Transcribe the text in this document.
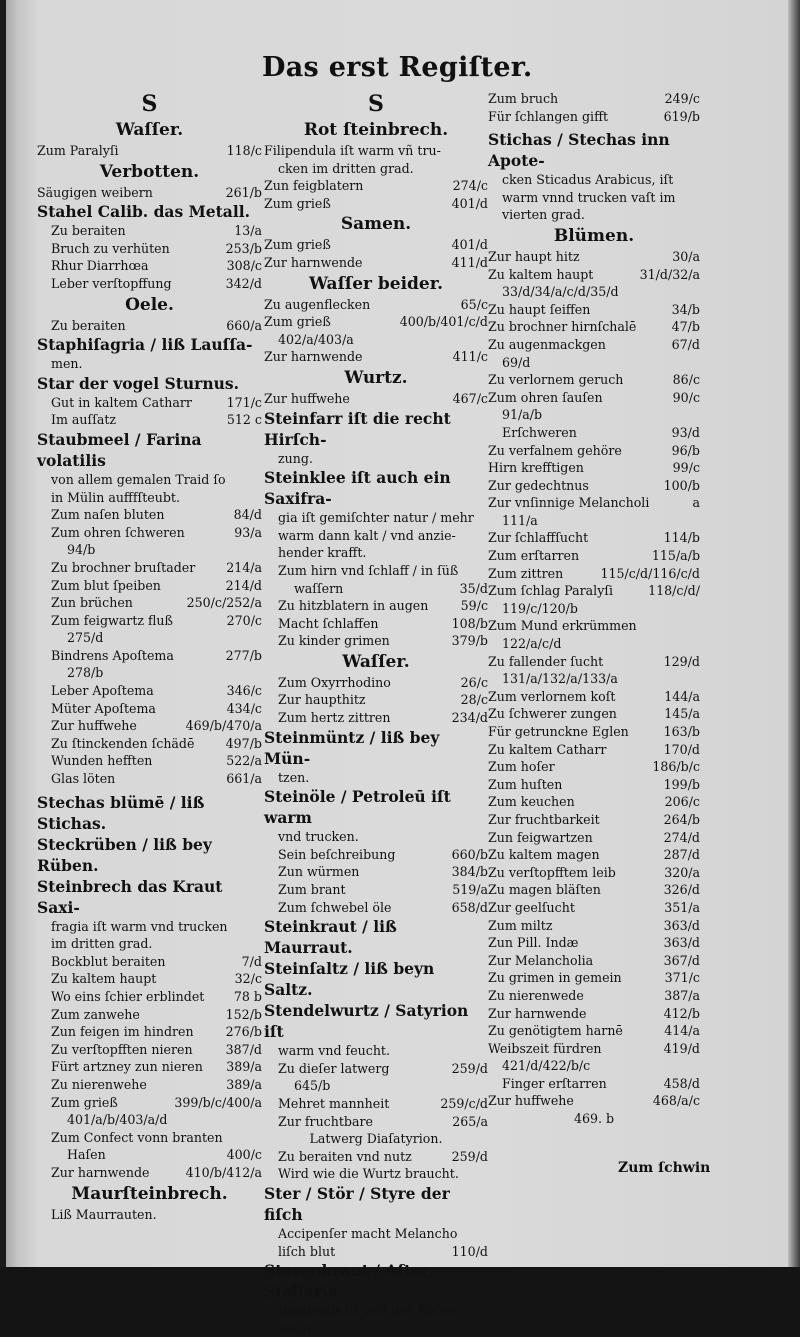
Das erst Regiſter.
S
Waſſer.
Zum Paralyſi	118/c
Verbotten.
Säugigen weibern	261/b
Stahel Calib. das Metall.
Zu beraiten	13/a
Bruch zu verhüten	253/b
Rhur Diarrhœa	308/c
Leber verſtopffung	342/d
Oele.
Zu beraiten	660/a
Staphiſagria / liß Lauſſa-
men.
Star der vogel Sturnus.
Gut in kaltem Catharr	171/c
Im auſſatz	512 c
Staubmeel / Farina volatilis
von allem gemalen Traid ſo
in Mülin aufffſteubt.
Zum naſen bluten	84/d
Zum ohren ſchweren	93/a
94/b
Zu brochner bruſtader 214/a
Zum blut ſpeiben	214/d
Zun brüchen	250/c/252/a
Zum feigwartz fluß	270/c
275/d
Bindrens Apoſtema	277/b
278/b
Leber Apoſtema	346/c
Müter Apoſtema	434/c
Zur huffwehe	469/b/470/a
Zu ſtinckenden ſchädē 497/b
Wunden hefften	522/a
Glas löten	661/a
Stechas blümē / liß Stichas.
Steckrüben / liß bey Rüben.
Steinbrech das Kraut Saxi-
fragia iſt warm vnd trucken
im dritten grad.
Bockblut beraiten	7/d
Zu kaltem haupt	32/c
Wo eins ſchier erblindet 78 b
Zum zanwehe	152/b
Zun feigen im hindren	276/b
Zu verſtopfften nieren	387/d
Fürt artzney zun nieren 389/a
Zu nierenwehe	389/a
Zum grieß	399/b/c/400/a
401/a/b/403/a/d
Zum Confect vonn branten
Haſen	400/c
Zur harnwende	410/b/412/a
Maurſteinbrech.
Liß Maurrauten.
S
Rot ſteinbrech.
Filipendula iſt warm vñ tru-
cken im dritten grad.
Zun feigblatern	274/c
Zum grieß	401/d
Samen.
Zum grieß	401/d
Zur harnwende	411/d
Waſſer beider.
Zu augenflecken	65/c
Zum grieß	400/b/401/c/d
402/a/403/a
Zur harnwende	411/c
Wurtz.
Zur huffwehe	467/c
Steinfarr iſt die recht Hirſch-
zung.
Steinklee iſt auch ein Saxifra-
gia iſt gemiſchter natur / mehr
warm dann kalt / vnd anzie-
hender krafft.
Zum hirn vnd ſchlaff / in ſüß
waſſern	35/d
Zu hitzblatern in augen	59/c
Macht ſchlaffen	108/b
Zu kinder grimen	379/b
Waſſer.
Zum Oxyrrhodino	26/c
Zur haupthitz	28/c
Zum hertz zittren	234/d
Steinmüntz / liß bey Mün-
tzen.
Steinöle / Petroleū iſt warm
vnd trucken.
Sein beſchreibung	660/b
Zun würmen	384/b
Zum brant	519/a
Zum ſchwebel öle	658/d
Steinkraut / liß Maurraut.
Steinſaltz / liß beyn Saltz.
Stendelwurtz / Satyrion iſt
warm vnd feucht.
Zu dieſer latwerg	259/d
645/b
Mehret mannheit	259/c/d
Zur fruchtbare	265/a
Latwerg Diaſatyrion.
Zu beraiten vnd nutz	259/d
Wird wie die Wurtz braucht.
Ster / Stör / Styre der fiſch
Accipenſer macht Melancho
liſch blut	110/d
Sterenkraut / Aſter, Stellaria
Inguinalis iſt vaſt der Roſen
natur.
Zum bruch	249/c
Für ſchlangen gifft	619/b
Stichas / Stechas inn Apote-
cken Sticadus Arabicus, iſt
warm vnnd trucken vaſt im
vierten grad.
Blümen.
Zur haupt hitz	30/a
Zu kaltem haupt	31/d/32/a
33/d/34/a/c/d/35/d
Zu haupt ſeiffen	34/b
Zu brochner hirnſchalē	47/b
Zu augenmackgen	67/d
69/d
Zu verlornem geruch	86/c
Zum ohren ſauſen	90/c
91/a/b
Erſchweren	93/d
Zu verfalnem gehöre	96/b
Hirn krefftigen	99/c
Zur gedechtnus	100/b
Zur vnſinnige Melancholi	a
111/a
Zur ſchlaffſucht	114/b
Zum erſtarren	115/a/b
Zum zittren	115/c/d/116/c/d
Zum ſchlag Paralyſi	118/c/d/
119/c/120/b
Zum Mund erkrümmen
122/a/c/d
Zu fallender ſucht	129/d
131/a/132/a/133/a
Zum verlornem koſt	144/a
Zu ſchwerer zungen	145/a
Für getrunckne Eglen	163/b
Zu kaltem Catharr	170/d
Zum hoſer	186/b/c
Zum huſten	199/b
Zum keuchen	206/c
Zur fruchtbarkeit	264/b
Zun feigwartzen	274/d
Zu kaltem magen	287/d
Zu verſtopfftem leib	320/a
Zu magen bläſten	326/d
Zur geelſucht	351/a
Zum miltz	363/d
Zun Pill. Indæ	363/d
Zur Melancholia	367/d
Zu grimen in gemein	371/c
Zu nierenwede	387/a
Zur harnwende	412/b
Zu genötigtem harnē	414/a
Weibszeit fürdren	419/d
421/d/422/b/c
Finger erſtarren	458/d
Zur huffwehe	468/a/c
469. b
Zum ſchwin
